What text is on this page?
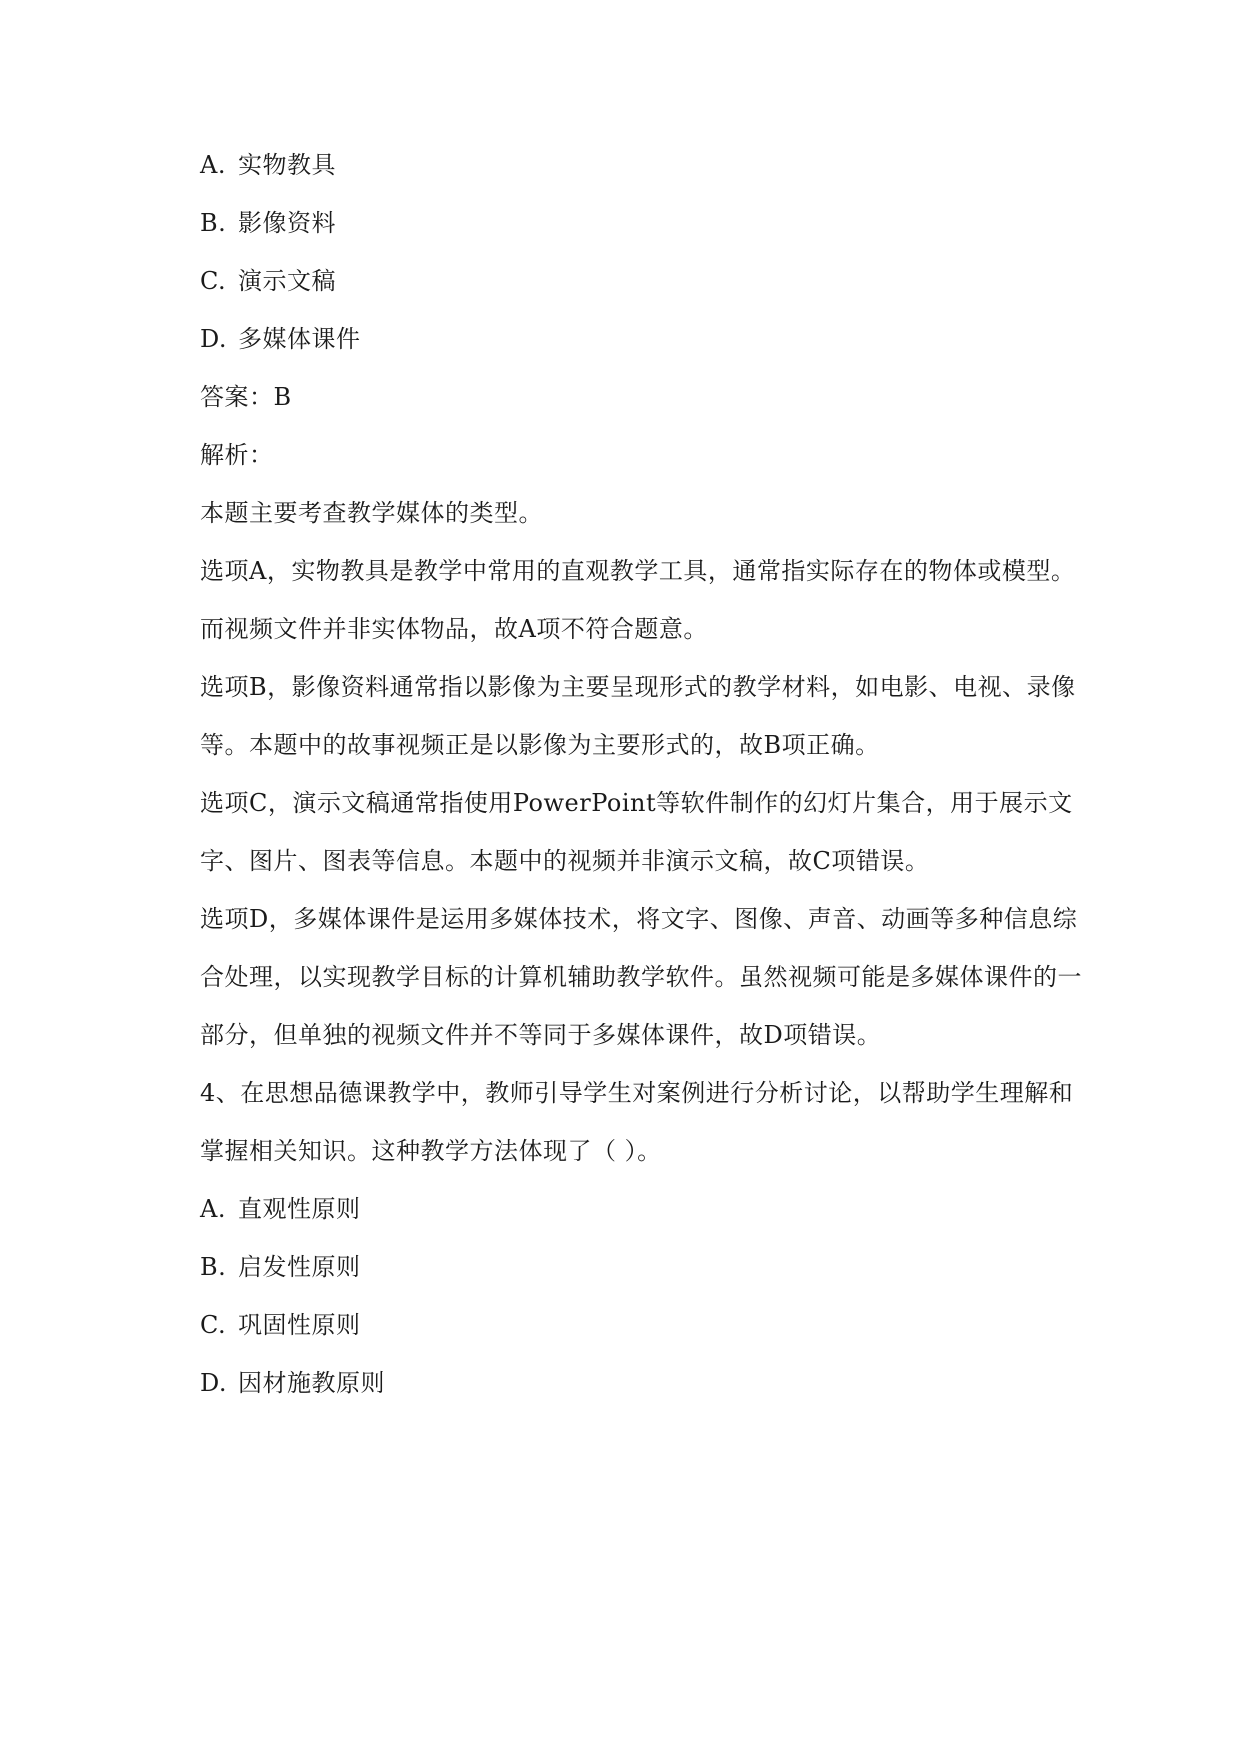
A. 实物教具
B. 影像资料
C. 演示文稿
D. 多媒体课件
答案：B
解析：
本题主要考查教学媒体的类型。
选项A，实物教具是教学中常用的直观教学工具，通常指实际存在的物体或模型。
而视频文件并非实体物品，故A项不符合题意。
选项B，影像资料通常指以影像为主要呈现形式的教学材料，如电影、电视、录像
等。本题中的故事视频正是以影像为主要形式的，故B项正确。
选项C，演示文稿通常指使用PowerPoint等软件制作的幻灯片集合，用于展示文
字、图片、图表等信息。本题中的视频并非演示文稿，故C项错误。
选项D，多媒体课件是运用多媒体技术，将文字、图像、声音、动画等多种信息综
合处理，以实现教学目标的计算机辅助教学软件。虽然视频可能是多媒体课件的一
部分，但单独的视频文件并不等同于多媒体课件，故D项错误。
4、在思想品德课教学中，教师引导学生对案例进行分析讨论，以帮助学生理解和
掌握相关知识。这种教学方法体现了（ ）。
A. 直观性原则
B. 启发性原则
C. 巩固性原则
D. 因材施教原则
